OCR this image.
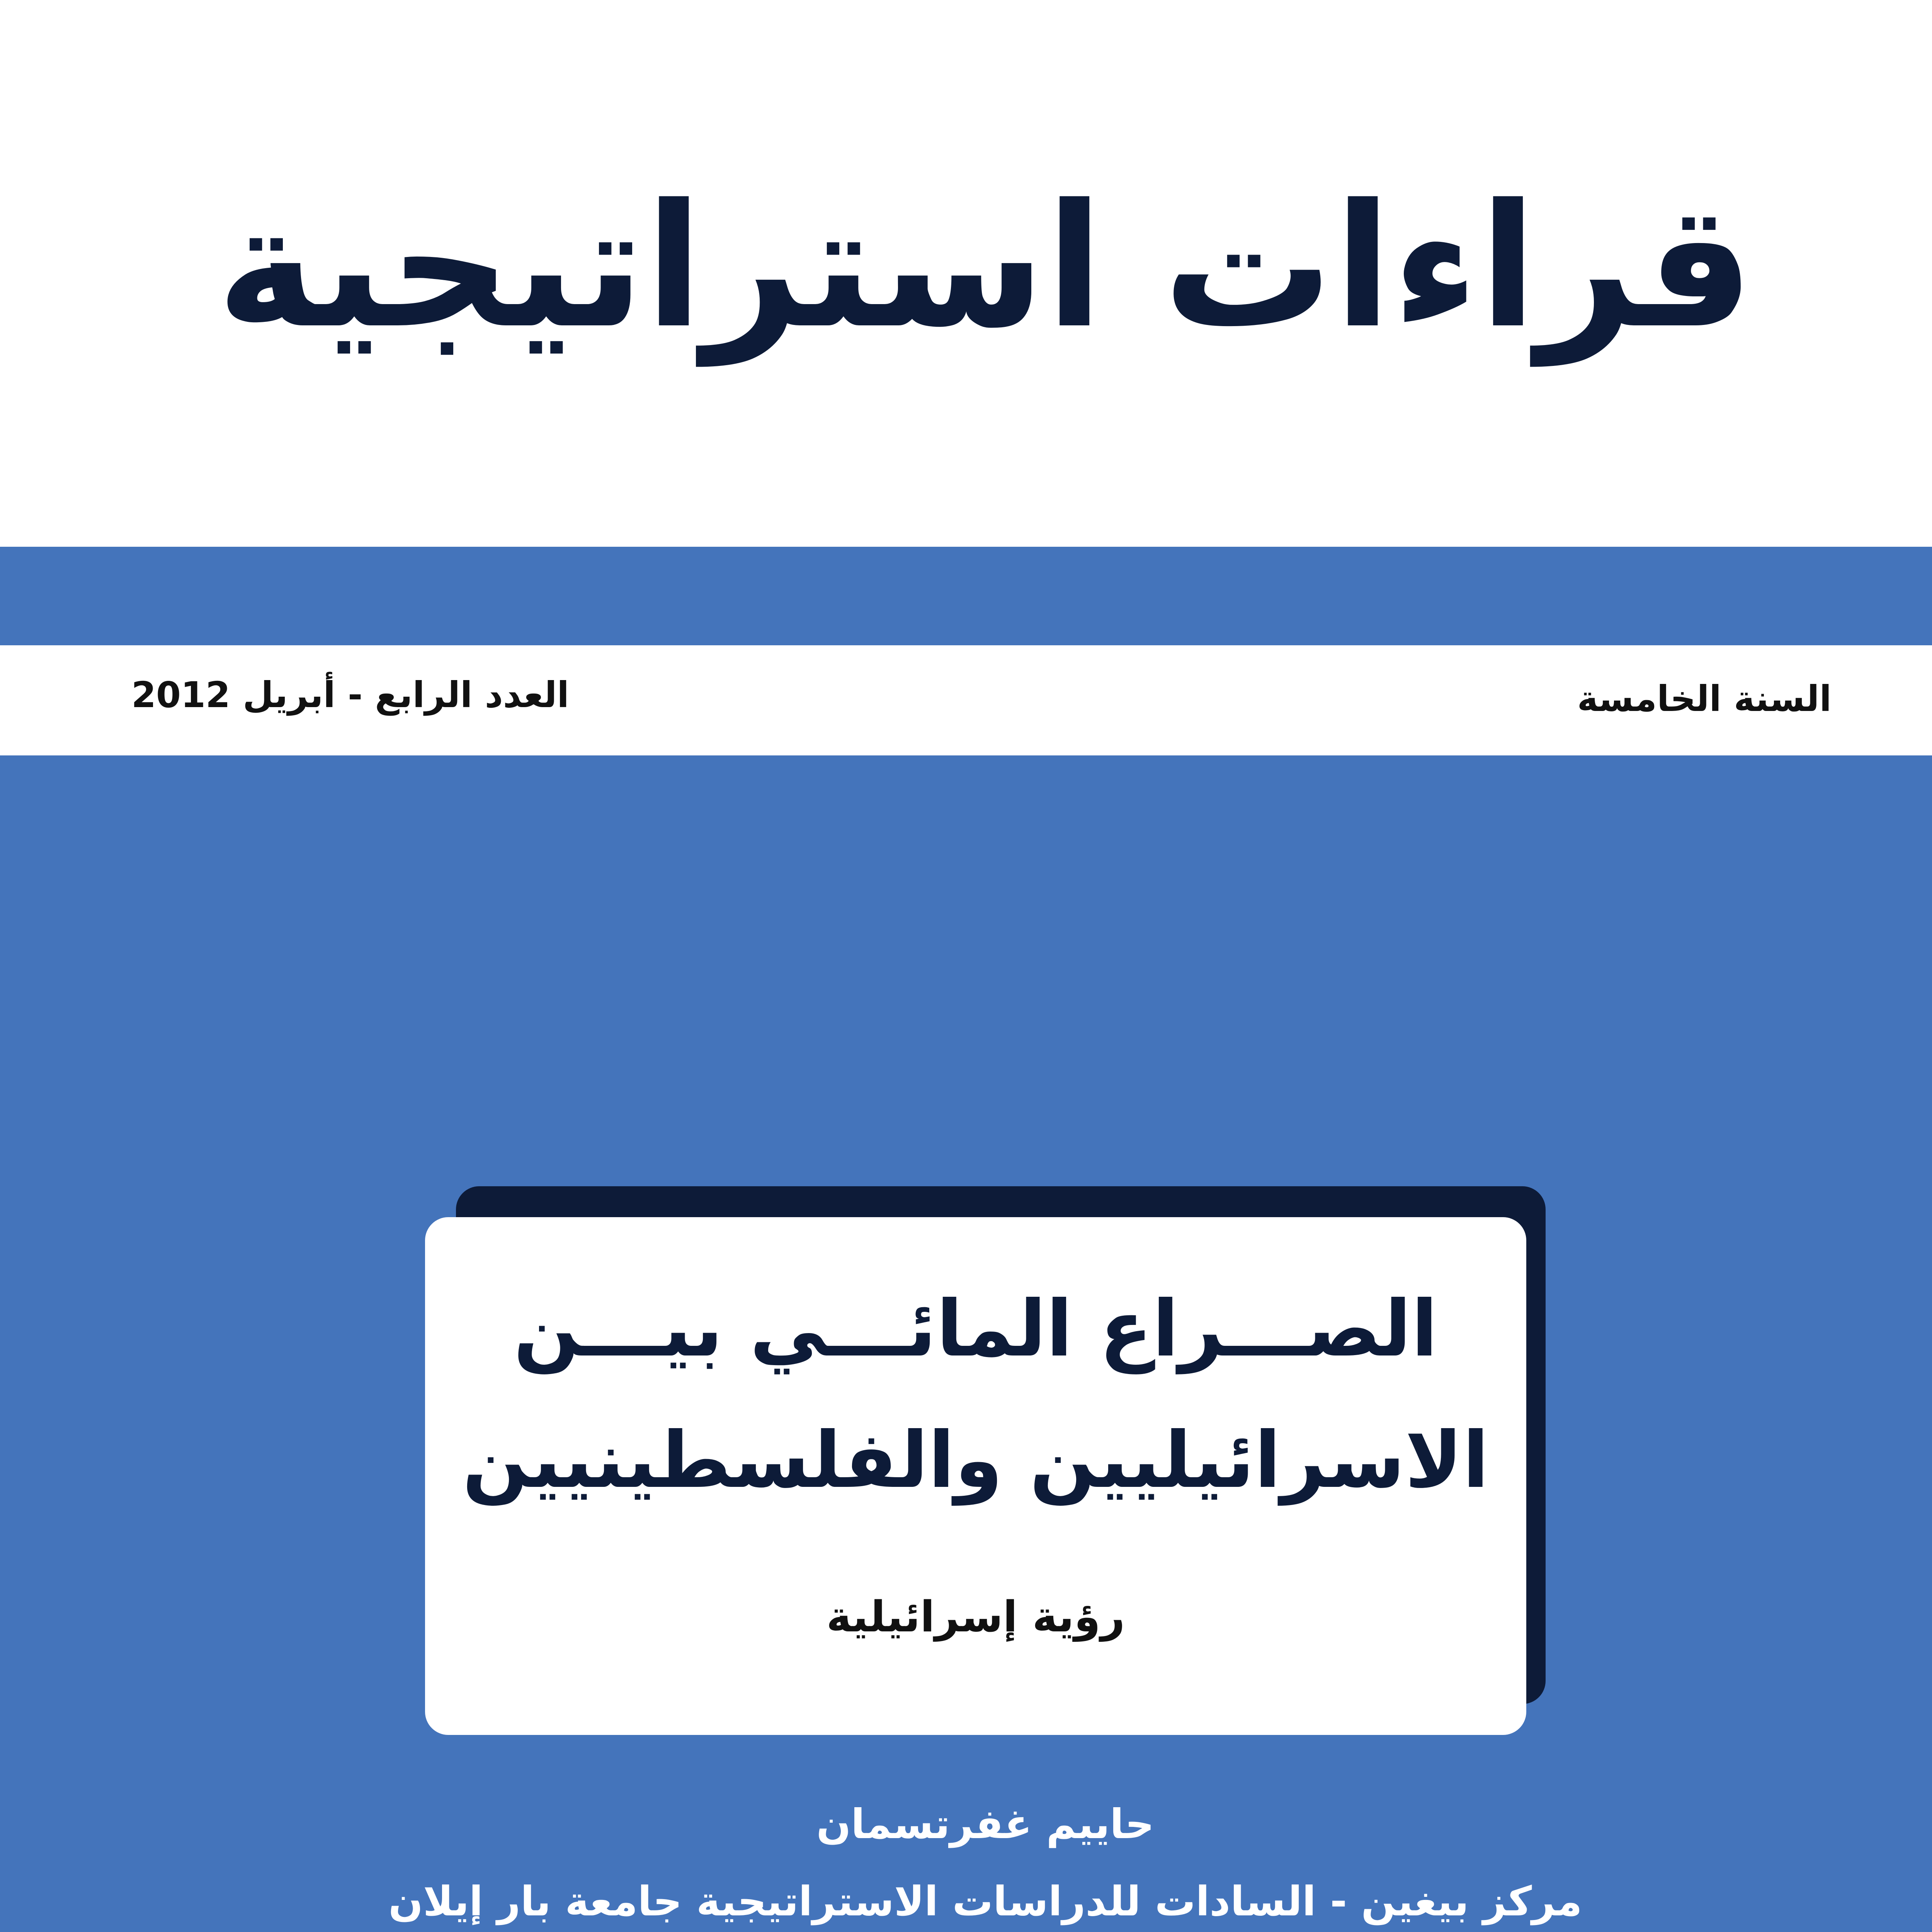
قراءات استراتيجية
السنة الخامسة
العدد الرابع - أبريل 2012
الصـــراع المائـــي بيـــن
الاسرائيليين والفلسطينيين
رؤية إسرائيلية
حاييم غفرتسمان
مركز بيغين - السادات للدراسات الاستراتيجية جامعة بار إيلان
